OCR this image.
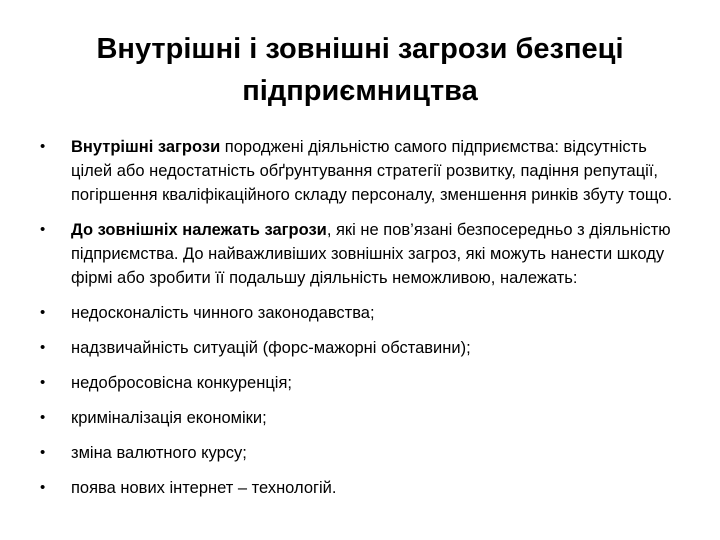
Внутрішні і зовнішні загрози безпеці
підприємництва
•	Внутрішні загрози породжені діяльністю самого підприємства: відсутність цілей або недостатність обґрунтування стратегії розвитку, падіння репутації, погіршення кваліфікаційного складу персоналу, зменшення ринків збуту тощо.
•	До зовнішніх належать загрози, які не пов’язані безпосередньо з діяльністю підприємства. До найважливіших зовнішніх загроз, які можуть нанести шкоду фірмі або зробити її подальшу діяльність неможливою, належать:
•	недосконалість чинного законодавства;
•	надзвичайність ситуацій (форс-мажорні обставини);
•	недобросовісна конкуренція;
•	криміналізація економіки;
•	зміна валютного курсу;
•	поява нових інтернет – технологій.
